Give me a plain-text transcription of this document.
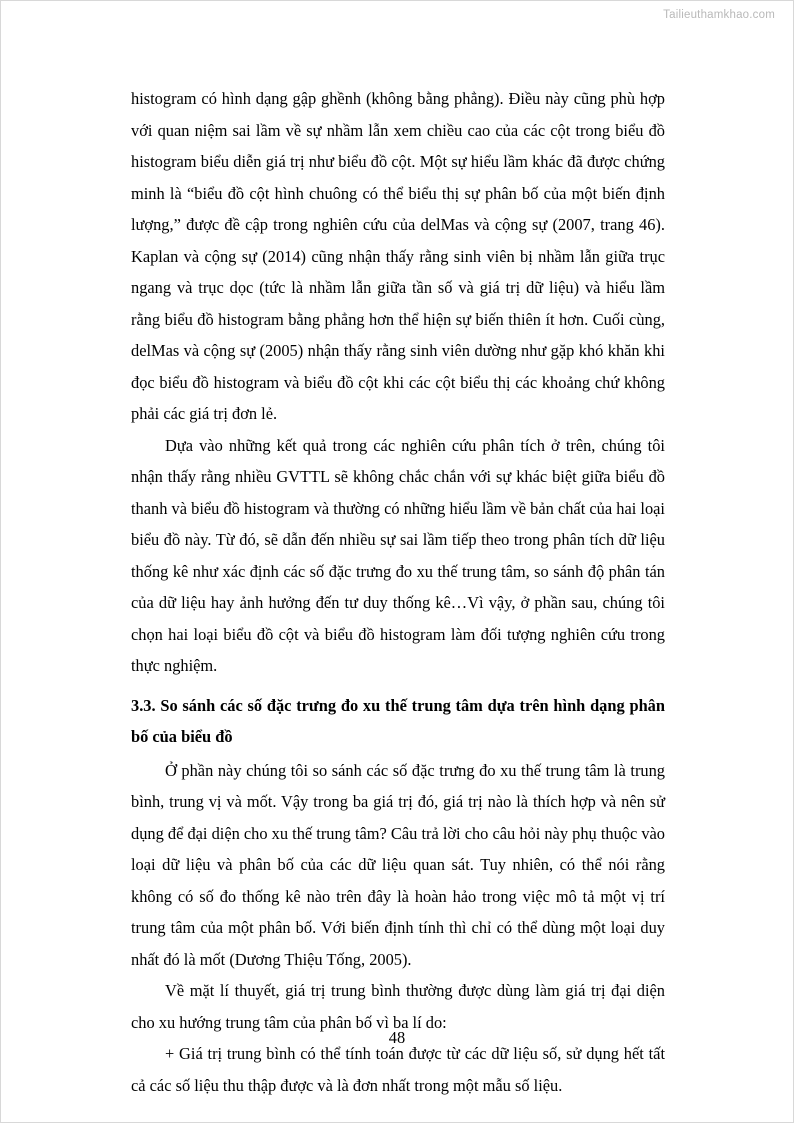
Tailieuthamkhao.com

histogram có hình dạng gập ghềnh (không bằng phẳng). Điều này cũng phù hợp với quan niệm sai lầm về sự nhầm lẫn xem chiều cao của các cột trong biểu đồ histogram biểu diễn giá trị như biểu đồ cột. Một sự hiểu lầm khác đã được chứng minh là “biểu đồ cột hình chuông có thể biểu thị sự phân bố của một biến định lượng,” được đề cập trong nghiên cứu của delMas và cộng sự (2007, trang 46). Kaplan và cộng sự (2014) cũng nhận thấy rằng sinh viên bị nhầm lẫn giữa trục ngang và trục dọc (tức là nhầm lẫn giữa tần số và giá trị dữ liệu) và hiểu lầm rằng biểu đồ histogram bằng phẳng hơn thể hiện sự biến thiên ít hơn. Cuối cùng, delMas và cộng sự (2005) nhận thấy rằng sinh viên dường như gặp khó khăn khi đọc biểu đồ histogram và biểu đồ cột khi các cột biểu thị các khoảng chứ không phải các giá trị đơn lẻ.

Dựa vào những kết quả trong các nghiên cứu phân tích ở trên, chúng tôi nhận thấy rằng nhiều GVTTL sẽ không chắc chắn với sự khác biệt giữa biểu đồ thanh và biểu đồ histogram và thường có những hiểu lầm về bản chất của hai loại biểu đồ này. Từ đó, sẽ dẫn đến nhiều sự sai lầm tiếp theo trong phân tích dữ liệu thống kê như xác định các số đặc trưng đo xu thế trung tâm, so sánh độ phân tán của dữ liệu hay ảnh hưởng đến tư duy thống kê…Vì vậy, ở phần sau, chúng tôi chọn hai loại biểu đồ cột và biểu đồ histogram làm đối tượng nghiên cứu trong thực nghiệm.

3.3. So sánh các số đặc trưng đo xu thế trung tâm dựa trên hình dạng phân bố của biểu đồ

Ở phần này chúng tôi so sánh các số đặc trưng đo xu thế trung tâm là trung bình, trung vị và mốt. Vậy trong ba giá trị đó, giá trị nào là thích hợp và nên sử dụng để đại diện cho xu thế trung tâm? Câu trả lời cho câu hỏi này phụ thuộc vào loại dữ liệu và phân bố của các dữ liệu quan sát. Tuy nhiên, có thể nói rằng không có số đo thống kê nào trên đây là hoàn hảo trong việc mô tả một vị trí trung tâm của một phân bố. Với biến định tính thì chỉ có thể dùng một loại duy nhất đó là mốt (Dương Thiệu Tống, 2005).

Về mặt lí thuyết, giá trị trung bình thường được dùng làm giá trị đại diện cho xu hướng trung tâm của phân bố vì ba lí do:

+ Giá trị trung bình có thể tính toán được từ các dữ liệu số, sử dụng hết tất cả các số liệu thu thập được và là đơn nhất trong một mẫu số liệu.

48
